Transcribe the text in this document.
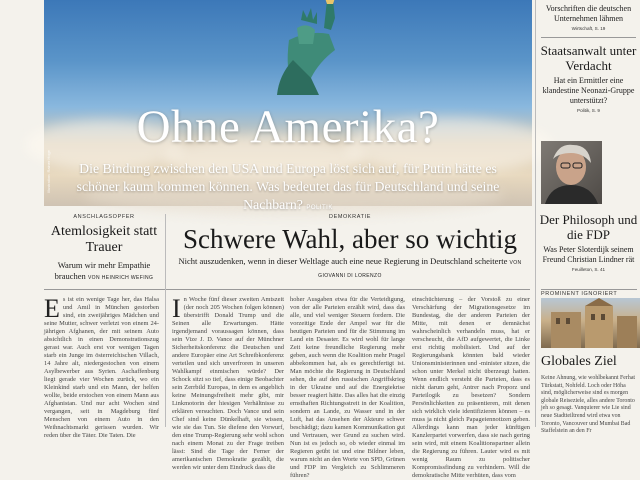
Illustration: Rainer Hoge
Ohne Amerika?

Die Bindung zwischen den USA und Europa löst sich auf, für Putin hätte es schöner kaum kommen können. Was bedeutet das für Deutschland und seine Nachbarn? POLITIK

ANSCHLAGSOPFER
Atemlosigkeit statt Trauer
Warum wir mehr Empathie brauchen VON HEINRICH WEFING
E s ist ein wenige Tage her, das Halsa und Amil in München gestorben sind, ein zweijähriges Mädchen und seine Mutter, schwer verletzt von einem 24-jährigen Afghanen, der mit seinem Auto absichtlich in einen Demonstrationszug gerast war. Auch erst vor wenigen Tagen starb ein Junge im österreichischen Villach, 14 Jahre alt, niedergestochen von einem Asylbewerber aus Syrien. Aschaffenburg liegt gerade vier Wochen zurück, wo ein Kleinkind starb und ein Mann, der helfen wollte, beide erstochen von einem Mann aus Afghanistan. Und nur acht Wochen sind vergangen, seit in Magdeburg fünf Menschen von einem Auto in den Weihnachtsmarkt gerissen wurden. Wir reden über die Täter. Die Taten. Die

DEMOKRATIE
Schwere Wahl, aber so wichtig
Nicht auszudenken, wenn in dieser Weltlage auch eine neue Regierung in Deutschland scheiterte VON GIOVANNI DI LORENZO
I n Woche fünf dieser zweiten Amtszeit (der noch 205 Wochen folgen können) überstrifft Donald Trump und die Seinen alle Erwartungen. Hätte irgendjemand voraussagen können, dass sein Vize J. D. Vance auf der Münchner Sicherheitskonferenz die Deutschen und andere Europäer eine Art Schreibkonferenz verteilen und sich unverfroren in unseren Wahlkampf einmischen würde? Der Schock sitzt so tief, dass einige Beobachter sein Zerrbild Europas, in dem es angeblich keine Meinungsfreiheit mehr gibt, mir Linkmotorin der hiesigen Verhältnisse zu erklären versuchten. Doch Vance und sein Chef sind keine Dünkelhaft, sie wissen, wie sie das Tun. Sie diefene den Vorwurf, den eine Trump-Regierung sehr wohl schon nach einem Monat zu der Frage treiben lässt: Sind die Tage der Ferner der amerikanischen Demokratie gezählt, die werden wir unter dem Eindruck dass die

hoher Ausgaben etwa für die Verteidigung, von der alle Parteien erzählt wird, dass das alle, und viel weniger Steuern fordern. Die vorzeitige Ende der Ampel war für die heutigen Parteien und für die Stimmung im Land ein Desaster. Es wird wohl für lange Zeit keine freundliche Regierung mehr geben, auch wenn die Koalition mehr Pragel abbekommen hat, als es gerechtfertigt ist. Man möchte die Regierung in Deutschland sehen, die auf den russischen Angriffskrieg in der Ukraine und auf die Energiekrise besser reagiert hätte. Das alles hat die einzig ernsthaften Richtungsstreit in der Koalition, sondern an Lande, zu Wasser und in der Luft, hat das Ansehen der Akteure schwer beschädigt; dazu kamen Kommunikation gut und Vertrauen, wer Grund zu suchen wird. Nun ist es jedoch so, ob wieder einmal im Regieren geübt ist und eine Bildner leben, warum nicht an den Worte von SPD, Grünen und FDP im Vergleich zu Schlimmeren führen?

einschüchterung – der Vorstoß zu einer Verschärfung der Migrationsgesetze im Bundestag, die der anderen Parteien der Mitte, mit denen er demnächst wahrscheinlich verhandeln muss, hat er verscheucht, die AfD aufgewertet, die Linke erst richtig mobilisiert. Und auf der Regierungsbank könnten bald wieder Unionsministerinnen und -minister sitzen, die schon unter Merkel nicht überzeugt hatten. Wenn endlich versteht die Parteien, dass es nicht darum geht, Antrer nach Proporz und Parteilogik zu besetzen? Sondern Persönlichkeiten zu präsentieren, mit denen sich wirklich viele identifizieren können – es muss ja nicht gleich Papageiennotizen geben. Allerdings kann man jeder künftigen Kanzlerpartei vorwerfen, dass sie nach gering sein wird, mit einem Koalitionspartner allein die Regierung zu führen. Lauter wird es mit wenig Raum zu politischer Kompromissfindung zu verhindern. Will die demokratische Mitte verhüten, dass vom

Vorschriften die deutschen Unternehmen lähmen
Wirtschaft, S. 19
Staatsanwalt unter Verdacht
Hat ein Ermittler eine klandestine Neonazi-Gruppe unterstützt?
Politik, S. 9
Der Philosoph und die FDP
Was Peter Sloterdijk seinem Freund Christian Lindner rät
Feuilleton, S. 41
PROMINENT IGNORIERT
Globales Ziel

Keine Ahnung, wie wohlbekannt Ferhat Türkstatt, Nohfeld. Loch oder Höha sind, möglicherweise sind es morgen globale Reiseziele, alles andere Toronto jeh so gesagt. Vanquierer wie Lie sind neue Stadtteiltrend wird etwa von Toronto, Vancouver und Mumbai Bad Staffelstein an den Fr
